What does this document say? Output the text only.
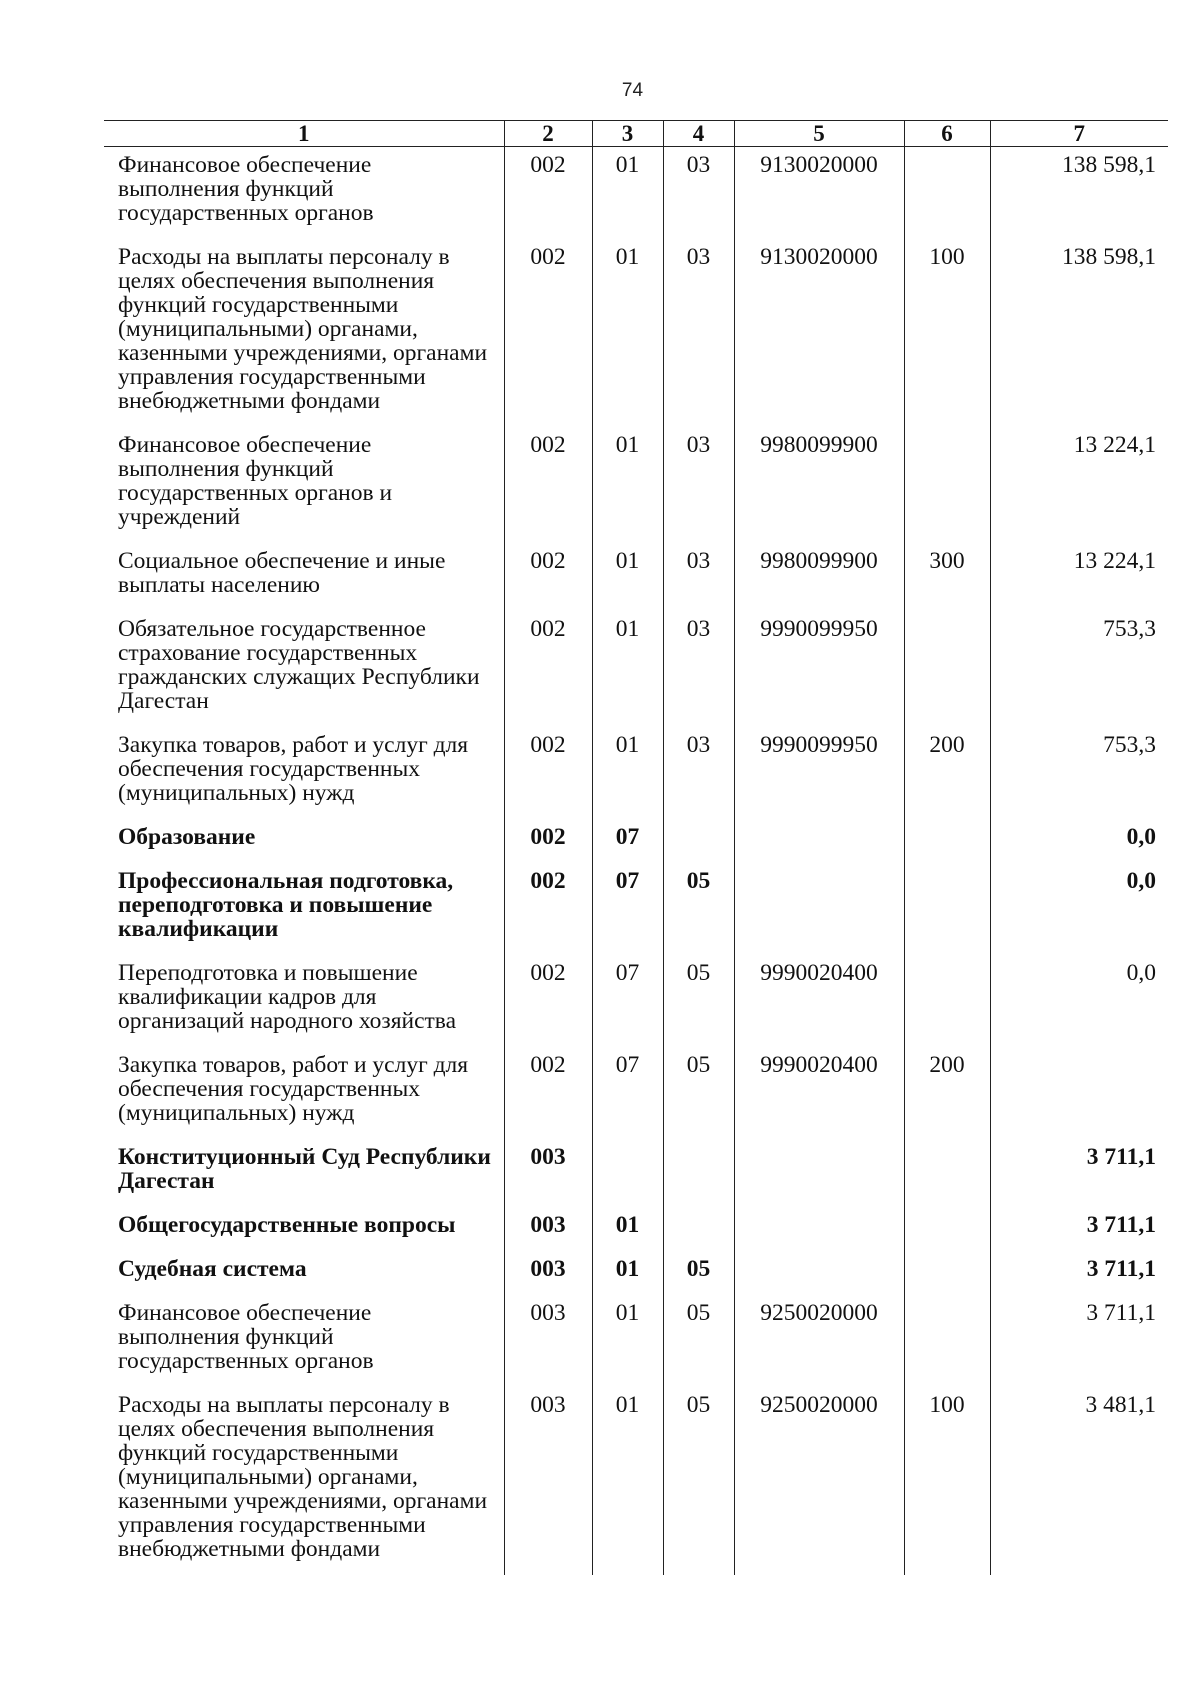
74
1	2	3	4	5	6	7
Финансовое обеспечение выполнения функций государственных органов	002	01	03	9130020000		138 598,1
Расходы на выплаты персоналу в целях обеспечения выполнения функций государственными (муниципальными) органами, казенными учреждениями, органами управления государственными внебюджетными фондами	002	01	03	9130020000	100	138 598,1
Финансовое обеспечение выполнения функций государственных органов и учреждений	002	01	03	9980099900		13 224,1
Социальное обеспечение и иные выплаты населению	002	01	03	9980099900	300	13 224,1
Обязательное государственное страхование государственных гражданских служащих Республики Дагестан	002	01	03	9990099950		753,3
Закупка товаров, работ и услуг для обеспечения государственных (муниципальных) нужд	002	01	03	9990099950	200	753,3
Образование	002	07				0,0
Профессиональная подготовка, переподготовка и повышение квалификации	002	07	05			0,0
Переподготовка и повышение квалификации кадров для организаций народного хозяйства	002	07	05	9990020400		0,0
Закупка товаров, работ и услуг для обеспечения государственных (муниципальных) нужд	002	07	05	9990020400	200	
Конституционный Суд Республики Дагестан	003					3 711,1
Общегосударственные вопросы	003	01				3 711,1
Судебная система	003	01	05			3 711,1
Финансовое обеспечение выполнения функций государственных органов	003	01	05	9250020000		3 711,1
Расходы на выплаты персоналу в целях обеспечения выполнения функций государственными (муниципальными) органами, казенными учреждениями, органами управления государственными внебюджетными фондами	003	01	05	9250020000	100	3 481,1
